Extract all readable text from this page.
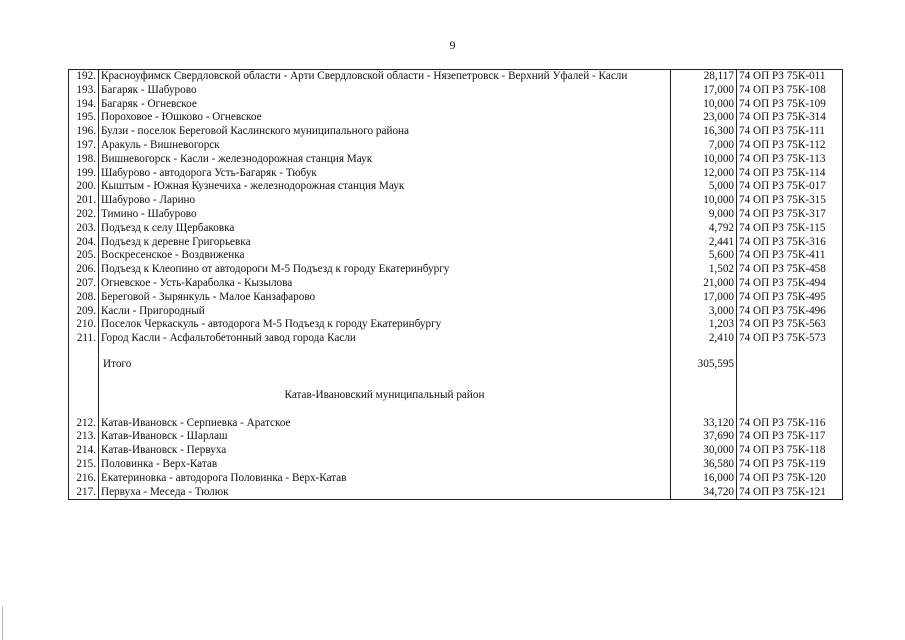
9
192.	Красноуфимск Свердловской области - Арти Свердловской области - Нязепетровск - Верхний Уфалей - Касли	28,117	74 ОП РЗ 75К-011
193.	Багаряк - Шабурово	17,000	74 ОП РЗ 75К-108
194.	Багаряк - Огневское	10,000	74 ОП РЗ 75К-109
195.	Пороховое - Юшково - Огневское	23,000	74 ОП РЗ 75К-314
196.	Булзи - поселок Береговой Каслинского муниципального района	16,300	74 ОП РЗ 75К-111
197.	Аракуль - Вишневогорск	7,000	74 ОП РЗ 75К-112
198.	Вишневогорск - Касли - железнодорожная станция Маук	10,000	74 ОП РЗ 75К-113
199.	Шабурово - автодорога Усть-Багаряк - Тюбук	12,000	74 ОП РЗ 75К-114
200.	Кыштым - Южная Кузнечиха - железнодорожная станция Маук	5,000	74 ОП РЗ 75К-017
201.	Шабурово - Ларино	10,000	74 ОП РЗ 75К-315
202.	Тимино - Шабурово	9,000	74 ОП РЗ 75К-317
203.	Подъезд к селу Щербаковка	4,792	74 ОП РЗ 75К-115
204.	Подъезд к деревне Григорьевка	2,441	74 ОП РЗ 75К-316
205.	Воскресенское - Воздвиженка	5,600	74 ОП РЗ 75К-411
206.	Подъезд к Клеопино от автодороги М-5 Подъезд к городу Екатеринбургу	1,502	74 ОП РЗ 75К-458
207.	Огневское - Усть-Караболка - Кызылова	21,000	74 ОП РЗ 75К-494
208.	Береговой - Зырянкуль - Малое Канзафарово	17,000	74 ОП РЗ 75К-495
209.	Касли - Пригородный	3,000	74 ОП РЗ 75К-496
210.	Поселок Черкаскуль - автодорога М-5 Подъезд к городу Екатеринбургу	1,203	74 ОП РЗ 75К-563
211.	Город Касли - Асфальтобетонный завод города Касли	2,410	74 ОП РЗ 75К-573
	Итого	305,595	
	Катав-Ивановский муниципальный район		
212.	Катав-Ивановск - Серпиевка - Аратское	33,120	74 ОП РЗ 75К-116
213.	Катав-Ивановск - Шарлаш	37,690	74 ОП РЗ 75К-117
214.	Катав-Ивановск - Первуха	30,000	74 ОП РЗ 75К-118
215.	Половинка - Верх-Катав	36,580	74 ОП РЗ 75К-119
216.	Екатериновка - автодорога Половинка - Верх-Катав	16,000	74 ОП РЗ 75К-120
217.	Первуха - Меседа - Тюлюк	34,720	74 ОП РЗ 75К-121
